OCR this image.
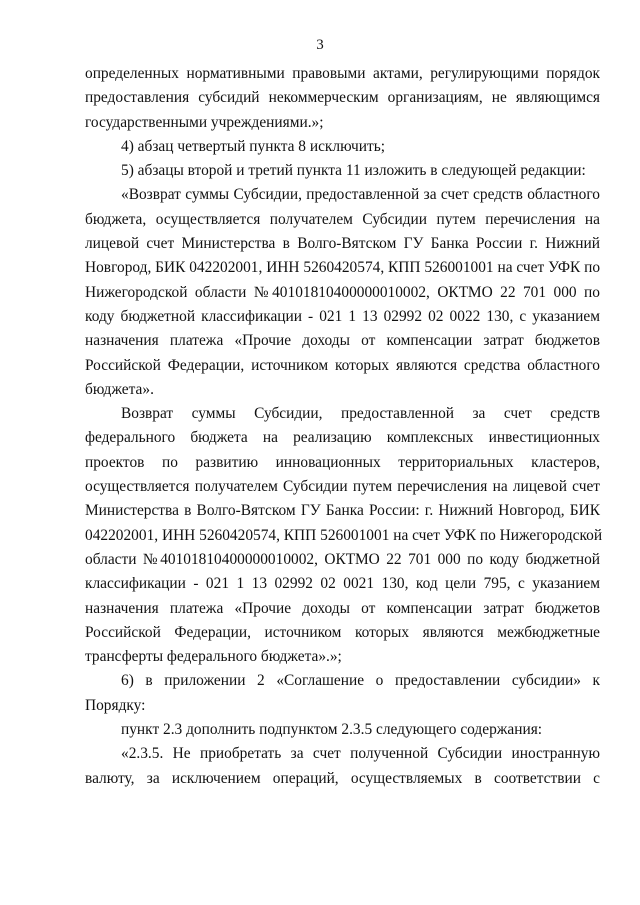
3
определенных нормативными правовыми актами, регулирующими порядок
предоставления субсидий некоммерческим организациям, не являющимся
государственными учреждениями.»;
4) абзац четвертый пункта 8 исключить;
5) абзацы второй и третий пункта 11 изложить в следующей редакции:
«Возврат суммы Субсидии, предоставленной за счет средств областного
бюджета, осуществляется получателем Субсидии путем перечисления на
лицевой счет Министерства в Волго-Вятском ГУ Банка России г. Нижний
Новгород, БИК 042202001, ИНН 5260420574, КПП 526001001 на счет УФК по
Нижегородской области №40101810400000010002, ОКТМО 22 701 000 по
коду бюджетной классификации - 021 1 13 02992 02 0022 130, с указанием
назначения платежа «Прочие доходы от компенсации затрат бюджетов
Российской Федерации, источником которых являются средства областного
бюджета».
Возврат суммы Субсидии, предоставленной за счет средств
федерального бюджета на реализацию комплексных инвестиционных
проектов по развитию инновационных территориальных кластеров,
осуществляется получателем Субсидии путем перечисления на лицевой счет
Министерства в Волго-Вятском ГУ Банка России: г. Нижний Новгород, БИК
042202001, ИНН 5260420574, КПП 526001001 на счет УФК по Нижегородской
области №40101810400000010002, ОКТМО 22 701 000 по коду бюджетной
классификации - 021 1 13 02992 02 0021 130, код цели 795, с указанием
назначения платежа «Прочие доходы от компенсации затрат бюджетов
Российской Федерации, источником которых являются межбюджетные
трансферты федерального бюджета».»;
6) в приложении 2 «Соглашение о предоставлении субсидии» к
Порядку:
пункт 2.3 дополнить подпунктом 2.3.5 следующего содержания:
«2.3.5. Не приобретать за счет полученной Субсидии иностранную
валюту, за исключением операций, осуществляемых в соответствии с
